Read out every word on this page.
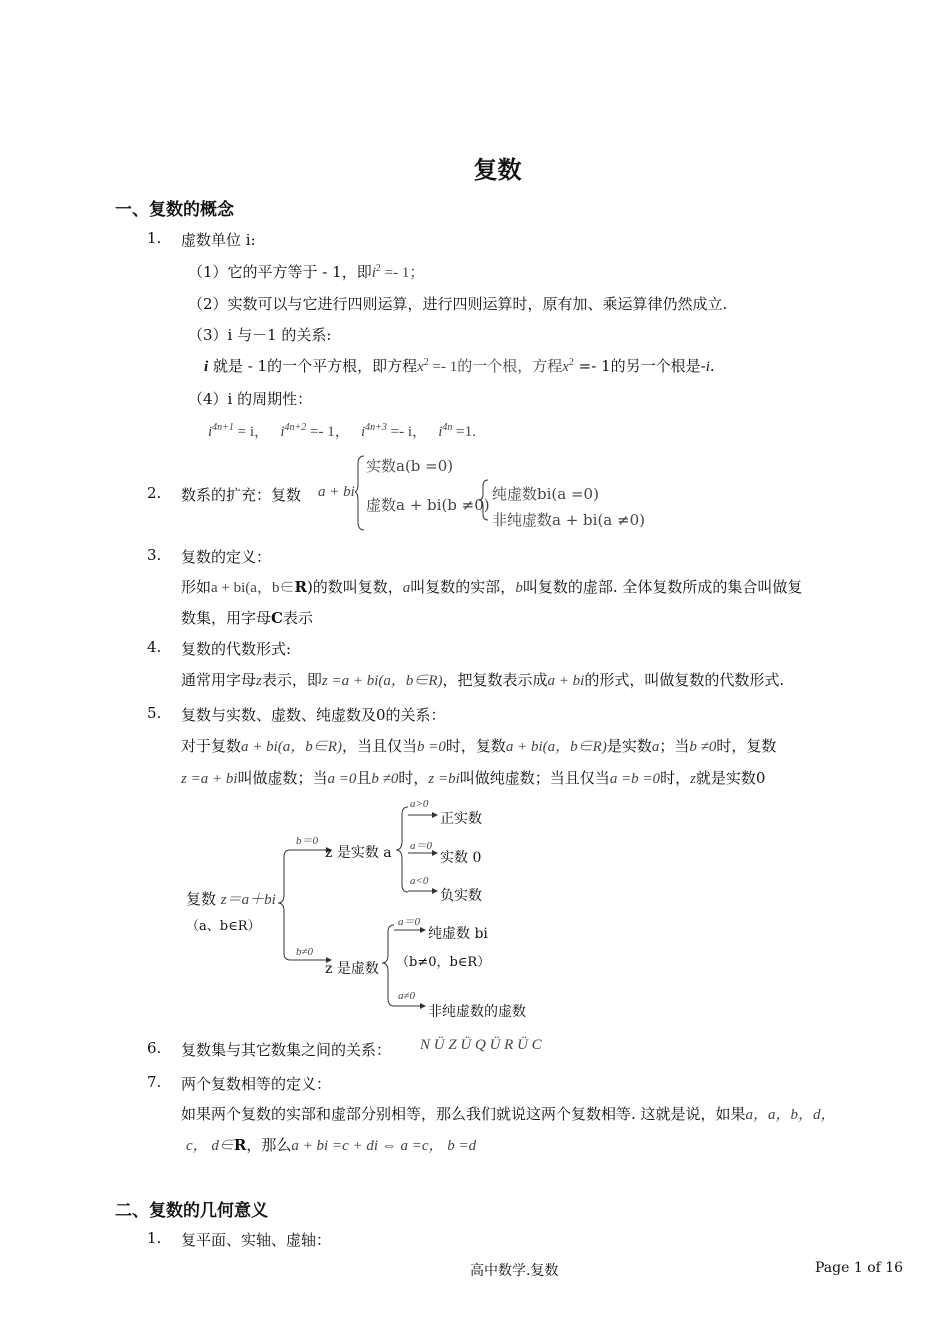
复数
一、复数的概念
1. 虚数单位 i:
（1）它的平方等于 - 1，即$i^2 =- 1$；
（2）实数可以与它进行四则运算，进行四则运算时，原有加、乘运算律仍然成立.
（3）i 与－1 的关系:
i 就是 - 1的一个平方根，即方程$x^2 =- 1$的一个根，方程$x^2 =- 1$的另一个根是-i.
（4）i 的周期性：
$i^{4n+1} = i$， $i^{4n+2} =- 1$， $i^{4n+3} =- i$， $i^{4n} =1$.
2. 数系的扩充：复数 a + bi
实数a(b =0)
虚数a + bi(b ≠0)
纯虚数bi(a =0)
非纯虚数a + bi(a ≠0)
3. 复数的定义：
形如a + bi(a，b∈R)的数叫复数，a叫复数的实部，b叫复数的虚部. 全体复数所成的集合叫做复
数集，用字母C表示
4. 复数的代数形式:
通常用字母z表示，即z =a + bi(a，b∈R)，把复数表示成a + bi的形式，叫做复数的代数形式.
5. 复数与实数、虚数、纯虚数及0的关系：
对于复数a + bi(a，b∈R)，当且仅当b =0时，复数a + bi(a，b∈R)是实数a；当b ≠0时，复数
z =a + bi叫做虚数；当a =0且b ≠0时，z =bi叫做纯虚数；当且仅当a =b =0时，z就是实数0
复数 z＝a＋bi
（a、b∈R）
b＝0
b≠0
z 是实数 a
z 是虚数
a>0
正实数
a＝0
实数 0
a<0
负实数
a＝0
纯虚数 bi
（b≠0，b∈R）
a≠0
非纯虚数的虚数
6. 复数集与其它数集之间的关系： N Ü Z Ü Q Ü R Ü C
7. 两个复数相等的定义：
如果两个复数的实部和虚部分别相等，那么我们就说这两个复数相等. 这就是说，如果a，a，b，d，
c， d∈R，那么a + bi =c + di ⇔ a =c， b =d
二、复数的几何意义
1. 复平面、实轴、虚轴：
高中数学.复数	Page 1 of 16
